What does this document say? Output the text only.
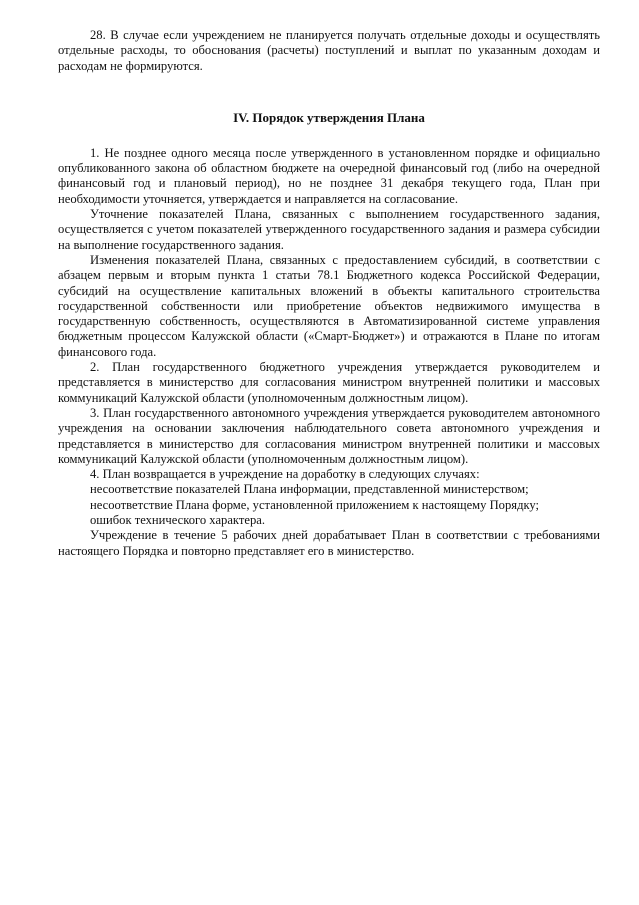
28. В случае если учреждением не планируется получать отдельные доходы и осуществлять отдельные расходы, то обоснования (расчеты) поступлений и выплат по указанным доходам и расходам не формируются.

IV. Порядок утверждения Плана

1. Не позднее одного месяца после утвержденного в установленном порядке и официально опубликованного закона об областном бюджете на очередной финансовый год (либо на очередной финансовый год и плановый период), но не позднее 31 декабря текущего года, План при необходимости уточняется, утверждается и направляется на согласование.

Уточнение показателей Плана, связанных с выполнением государственного задания, осуществляется с учетом показателей утвержденного государственного задания и размера субсидии на выполнение государственного задания.

Изменения показателей Плана, связанных с предоставлением субсидий, в соответствии с абзацем первым и вторым пункта 1 статьи 78.1 Бюджетного кодекса Российской Федерации, субсидий на осуществление капитальных вложений в объекты капитального строительства государственной собственности или приобретение объектов недвижимого имущества в государственную собственность, осуществляются в Автоматизированной системе управления бюджетным процессом Калужской области («Смарт-Бюджет») и отражаются в Плане по итогам финансового года.

2. План государственного бюджетного учреждения утверждается руководителем и представляется в министерство для согласования министром внутренней политики и массовых коммуникаций Калужской области (уполномоченным должностным лицом).

3. План государственного автономного учреждения утверждается руководителем автономного учреждения на основании заключения наблюдательного совета автономного учреждения и представляется в министерство для согласования министром внутренней политики и массовых коммуникаций Калужской области (уполномоченным должностным лицом).

4. План возвращается в учреждение на доработку в следующих случаях:

несоответствие показателей Плана информации, представленной министерством;

несоответствие Плана форме, установленной приложением к настоящему Порядку;

ошибок технического характера.

Учреждение в течение 5 рабочих дней дорабатывает План в соответствии с требованиями настоящего Порядка и повторно представляет его в министерство.
